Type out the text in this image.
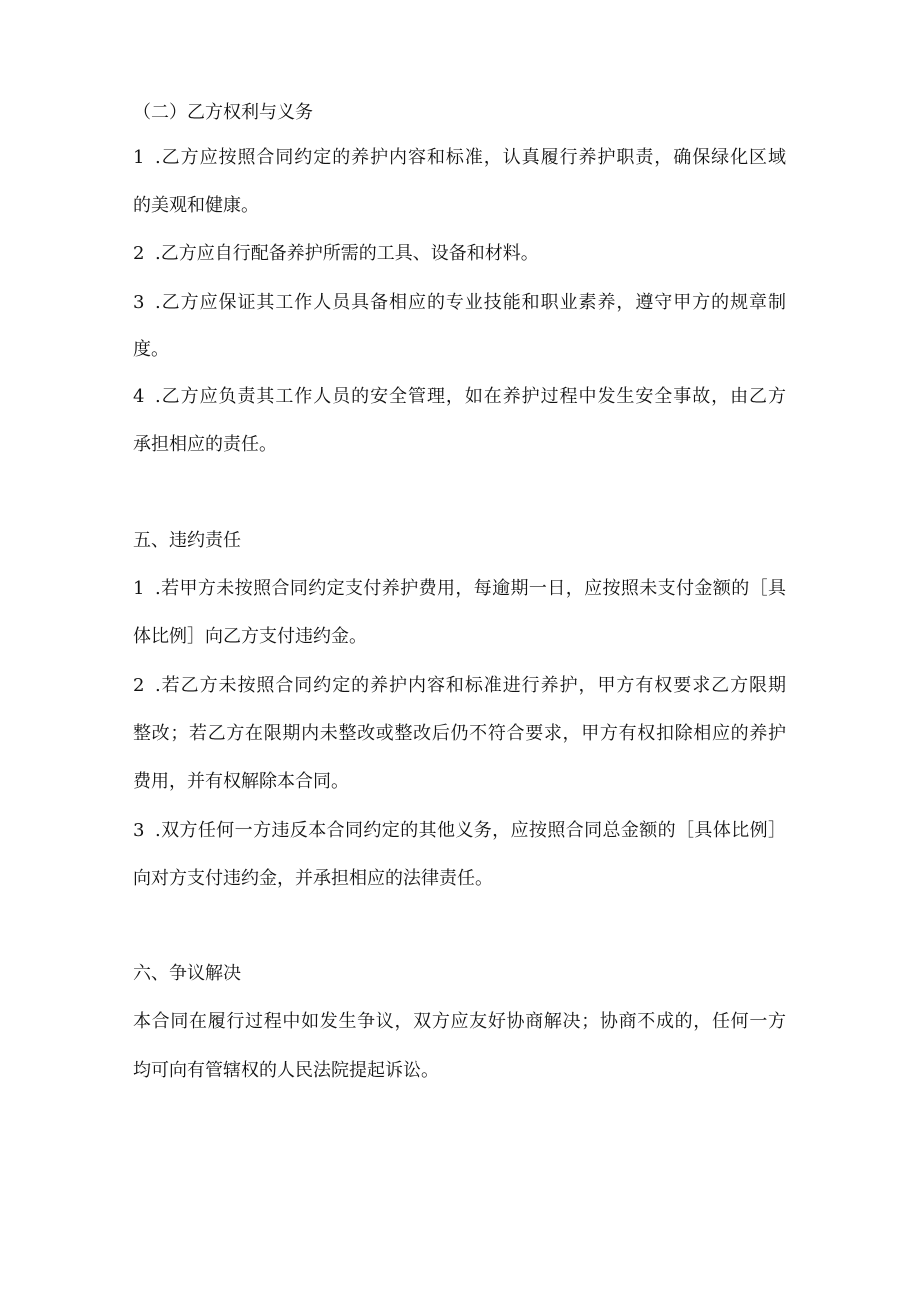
（二）乙方权利与义务
1 .乙方应按照合同约定的养护内容和标准，认真履行养护职责，确保绿化区域
的美观和健康。
2 .乙方应自行配备养护所需的工具、设备和材料。
3 .乙方应保证其工作人员具备相应的专业技能和职业素养，遵守甲方的规章制
度。
4 .乙方应负责其工作人员的安全管理，如在养护过程中发生安全事故，由乙方
承担相应的责任。
五、违约责任
1 .若甲方未按照合同约定支付养护费用，每逾期一日，应按照未支付金额的［具
体比例］向乙方支付违约金。
2 .若乙方未按照合同约定的养护内容和标准进行养护，甲方有权要求乙方限期
整改；若乙方在限期内未整改或整改后仍不符合要求，甲方有权扣除相应的养护
费用，并有权解除本合同。
3 .双方任何一方违反本合同约定的其他义务，应按照合同总金额的［具体比例］
向对方支付违约金，并承担相应的法律责任。
六、争议解决
本合同在履行过程中如发生争议，双方应友好协商解决；协商不成的，任何一方
均可向有管辖权的人民法院提起诉讼。
